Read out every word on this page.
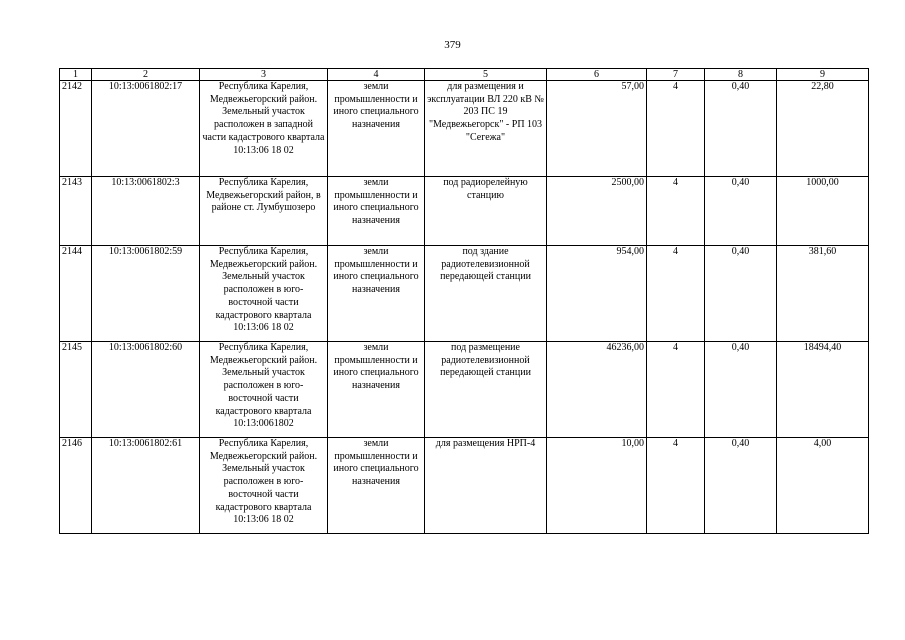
379
1	2	3	4	5	6	7	8	9
2142	10:13:0061802:17	Республика Карелия, Медвежьегорский район. Земельный участок расположен в западной части кадастрового квартала 10:13:06 18 02	земли промышленности и иного специального назначения	для размещения и эксплуатации ВЛ 220 кВ № 203 ПС 19 "Медвежьегорск" - РП 103 "Сегежа"	57,00	4	0,40	22,80
2143	10:13:0061802:3	Республика Карелия, Медвежьегорский район, в районе ст. Лумбушозеро	земли промышленности и иного специального назначения	под радиорелейную станцию	2500,00	4	0,40	1000,00
2144	10:13:0061802:59	Республика Карелия, Медвежьегорский район. Земельный участок расположен в юго-восточной части кадастрового квартала 10:13:06 18 02	земли промышленности и иного специального назначения	под здание радиотелевизионной передающей станции	954,00	4	0,40	381,60
2145	10:13:0061802:60	Республика Карелия, Медвежьегорский район. Земельный участок расположен в юго-восточной части кадастрового квартала 10:13:0061802	земли промышленности и иного специального назначения	под размещение радиотелевизионной передающей станции	46236,00	4	0,40	18494,40
2146	10:13:0061802:61	Республика Карелия, Медвежьегорский район. Земельный участок расположен в юго-восточной части кадастрового квартала 10:13:06 18 02	земли промышленности и иного специального назначения	для размещения НРП-4	10,00	4	0,40	4,00
